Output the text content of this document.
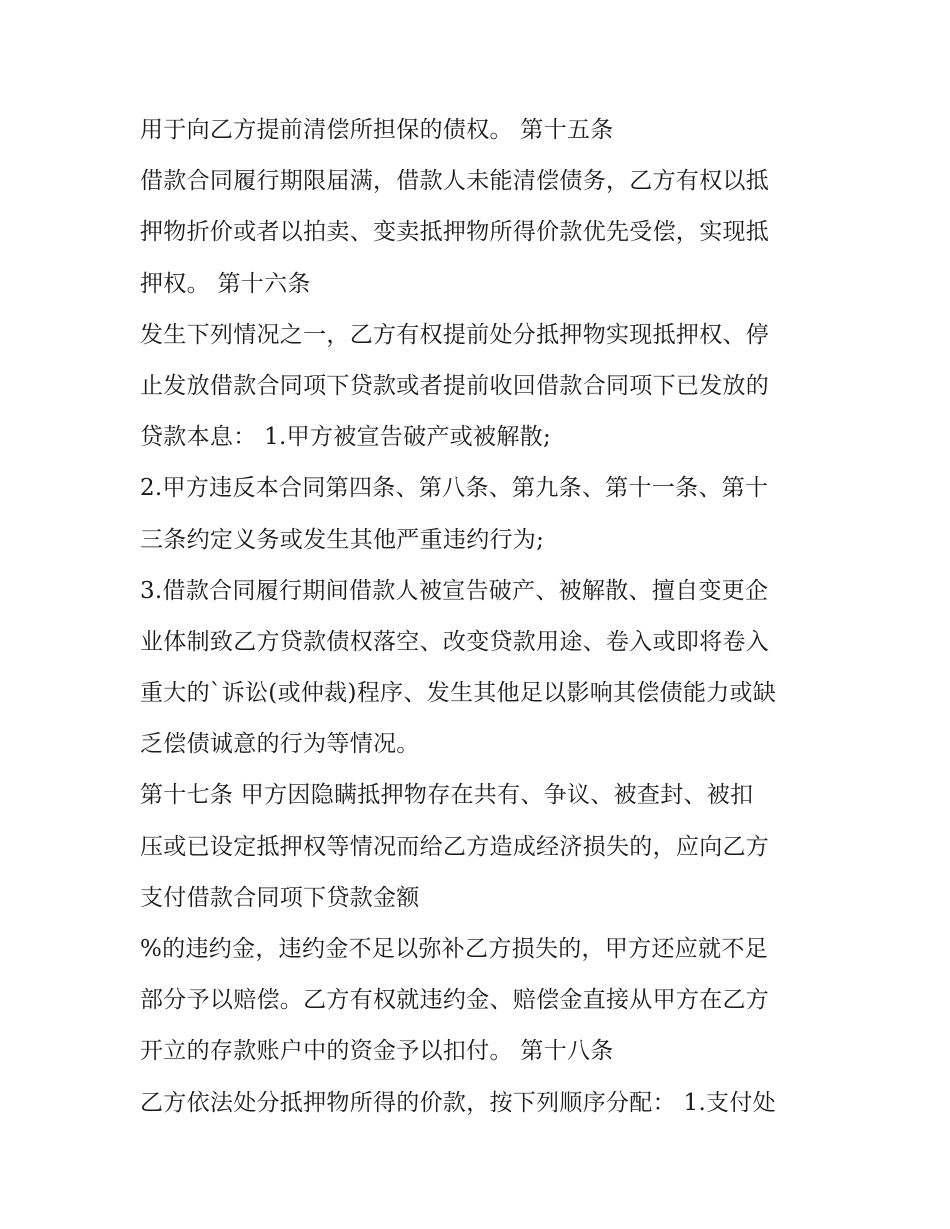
用于向乙方提前清偿所担保的债权。 第十五条
借款合同履行期限届满，借款人未能清偿债务，乙方有权以抵
押物折价或者以拍卖、变卖抵押物所得价款优先受偿，实现抵
押权。 第十六条
发生下列情况之一，乙方有权提前处分抵押物实现抵押权、停
止发放借款合同项下贷款或者提前收回借款合同项下已发放的
贷款本息： 1.甲方被宣告破产或被解散;
2.甲方违反本合同第四条、第八条、第九条、第十一条、第十
三条约定义务或发生其他严重违约行为;
3.借款合同履行期间借款人被宣告破产、被解散、擅自变更企
业体制致乙方贷款债权落空、改变贷款用途、卷入或即将卷入
重大的`诉讼(或仲裁)程序、发生其他足以影响其偿债能力或缺
乏偿债诚意的行为等情况。
第十七条 甲方因隐瞒抵押物存在共有、争议、被查封、被扣
压或已设定抵押权等情况而给乙方造成经济损失的，应向乙方
支付借款合同项下贷款金额
%的违约金，违约金不足以弥补乙方损失的，甲方还应就不足
部分予以赔偿。乙方有权就违约金、赔偿金直接从甲方在乙方
开立的存款账户中的资金予以扣付。 第十八条
乙方依法处分抵押物所得的价款，按下列顺序分配： 1.支付处
